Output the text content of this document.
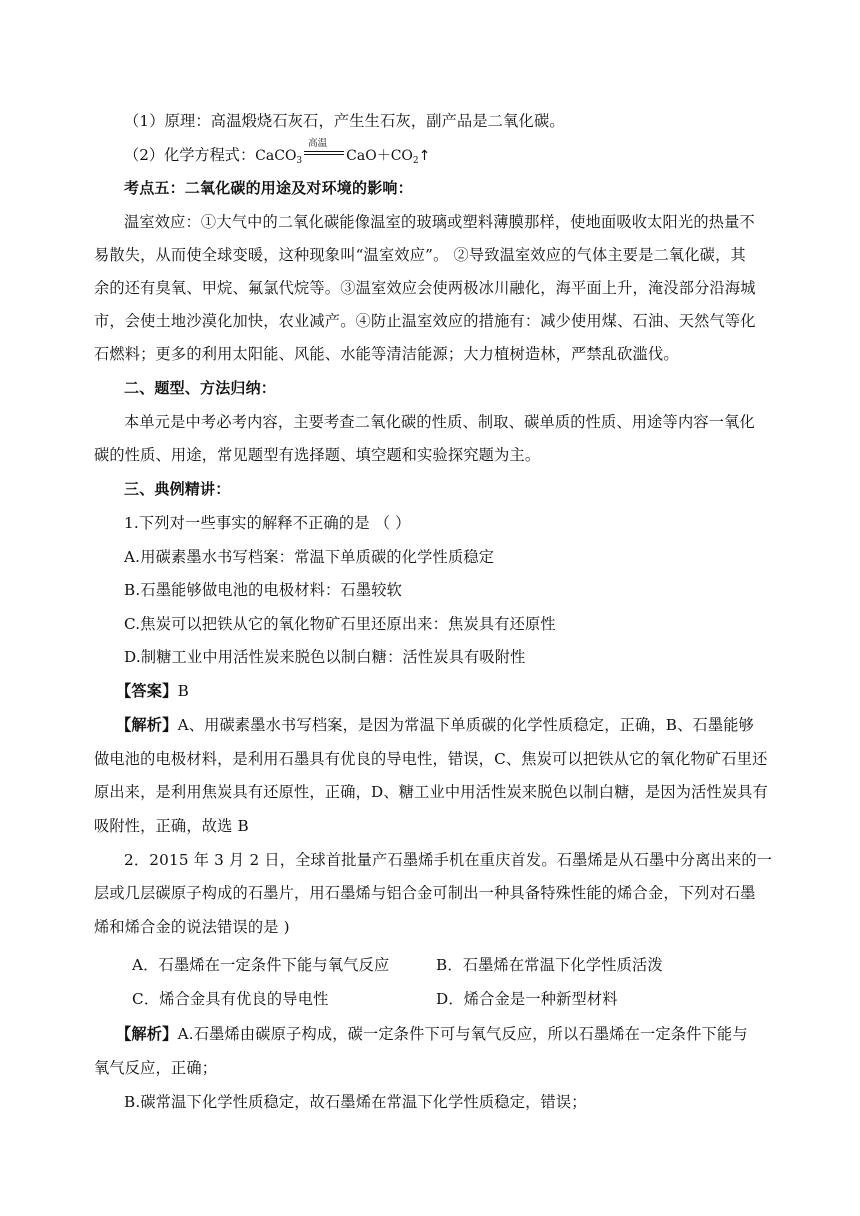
（1）原理：高温煅烧石灰石，产生生石灰，副产品是二氧化碳。
（2）化学方程式：CaCO$_3$
高温
$CaO+CO_2↑$
考点五：二氧化碳的用途及对环境的影响：
温室效应：①大气中的二氧化碳能像温室的玻璃或塑料薄膜那样，使地面吸收太阳光的热量不
易散失，从而使全球变暖，这种现象叫“温室效应”。 ②导致温室效应的气体主要是二氧化碳，其
余的还有臭氧、甲烷、氟氯代烷等。③温室效应会使两极冰川融化，海平面上升，淹没部分沿海城
市，会使土地沙漠化加快，农业减产。④防止温室效应的措施有：减少使用煤、石油、天然气等化
石燃料；更多的利用太阳能、风能、水能等清洁能源；大力植树造林，严禁乱砍滥伐。
二、题型、方法归纳：
本单元是中考必考内容，主要考查二氧化碳的性质、制取、碳单质的性质、用途等内容一氧化
碳的性质、用途，常见题型有选择题、填空题和实验探究题为主。
三、典例精讲：
1.下列对一些事实的解释不正确的是 （ ）
A.用碳素墨水书写档案：常温下单质碳的化学性质稳定
B.石墨能够做电池的电极材料：石墨较软
C.焦炭可以把铁从它的氧化物矿石里还原出来：焦炭具有还原性
D.制糖工业中用活性炭来脱色以制白糖：活性炭具有吸附性
【答案】B
【解析】A、用碳素墨水书写档案，是因为常温下单质碳的化学性质稳定，正确，B、石墨能够
做电池的电极材料，是利用石墨具有优良的导电性，错误，C、焦炭可以把铁从它的氧化物矿石里还
原出来，是利用焦炭具有还原性，正确，D、糖工业中用活性炭来脱色以制白糖，是因为活性炭具有
吸附性，正确，故选 B
2．2015 年 3 月 2 日，全球首批量产石墨烯手机在重庆首发。石墨烯是从石墨中分离出来的一
层或几层碳原子构成的石墨片，用石墨烯与铝合金可制出一种具备特殊性能的烯合金，下列对石墨
烯和烯合金的说法错误的是 )
A．石墨烯在一定条件下能与氧气反应	B．石墨烯在常温下化学性质活泼
C．烯合金具有优良的导电性	D．烯合金是一种新型材料
【解析】A.石墨烯由碳原子构成，碳一定条件下可与氧气反应，所以石墨烯在一定条件下能与
氧气反应，正确；
B.碳常温下化学性质稳定，故石墨烯在常温下化学性质稳定，错误；
